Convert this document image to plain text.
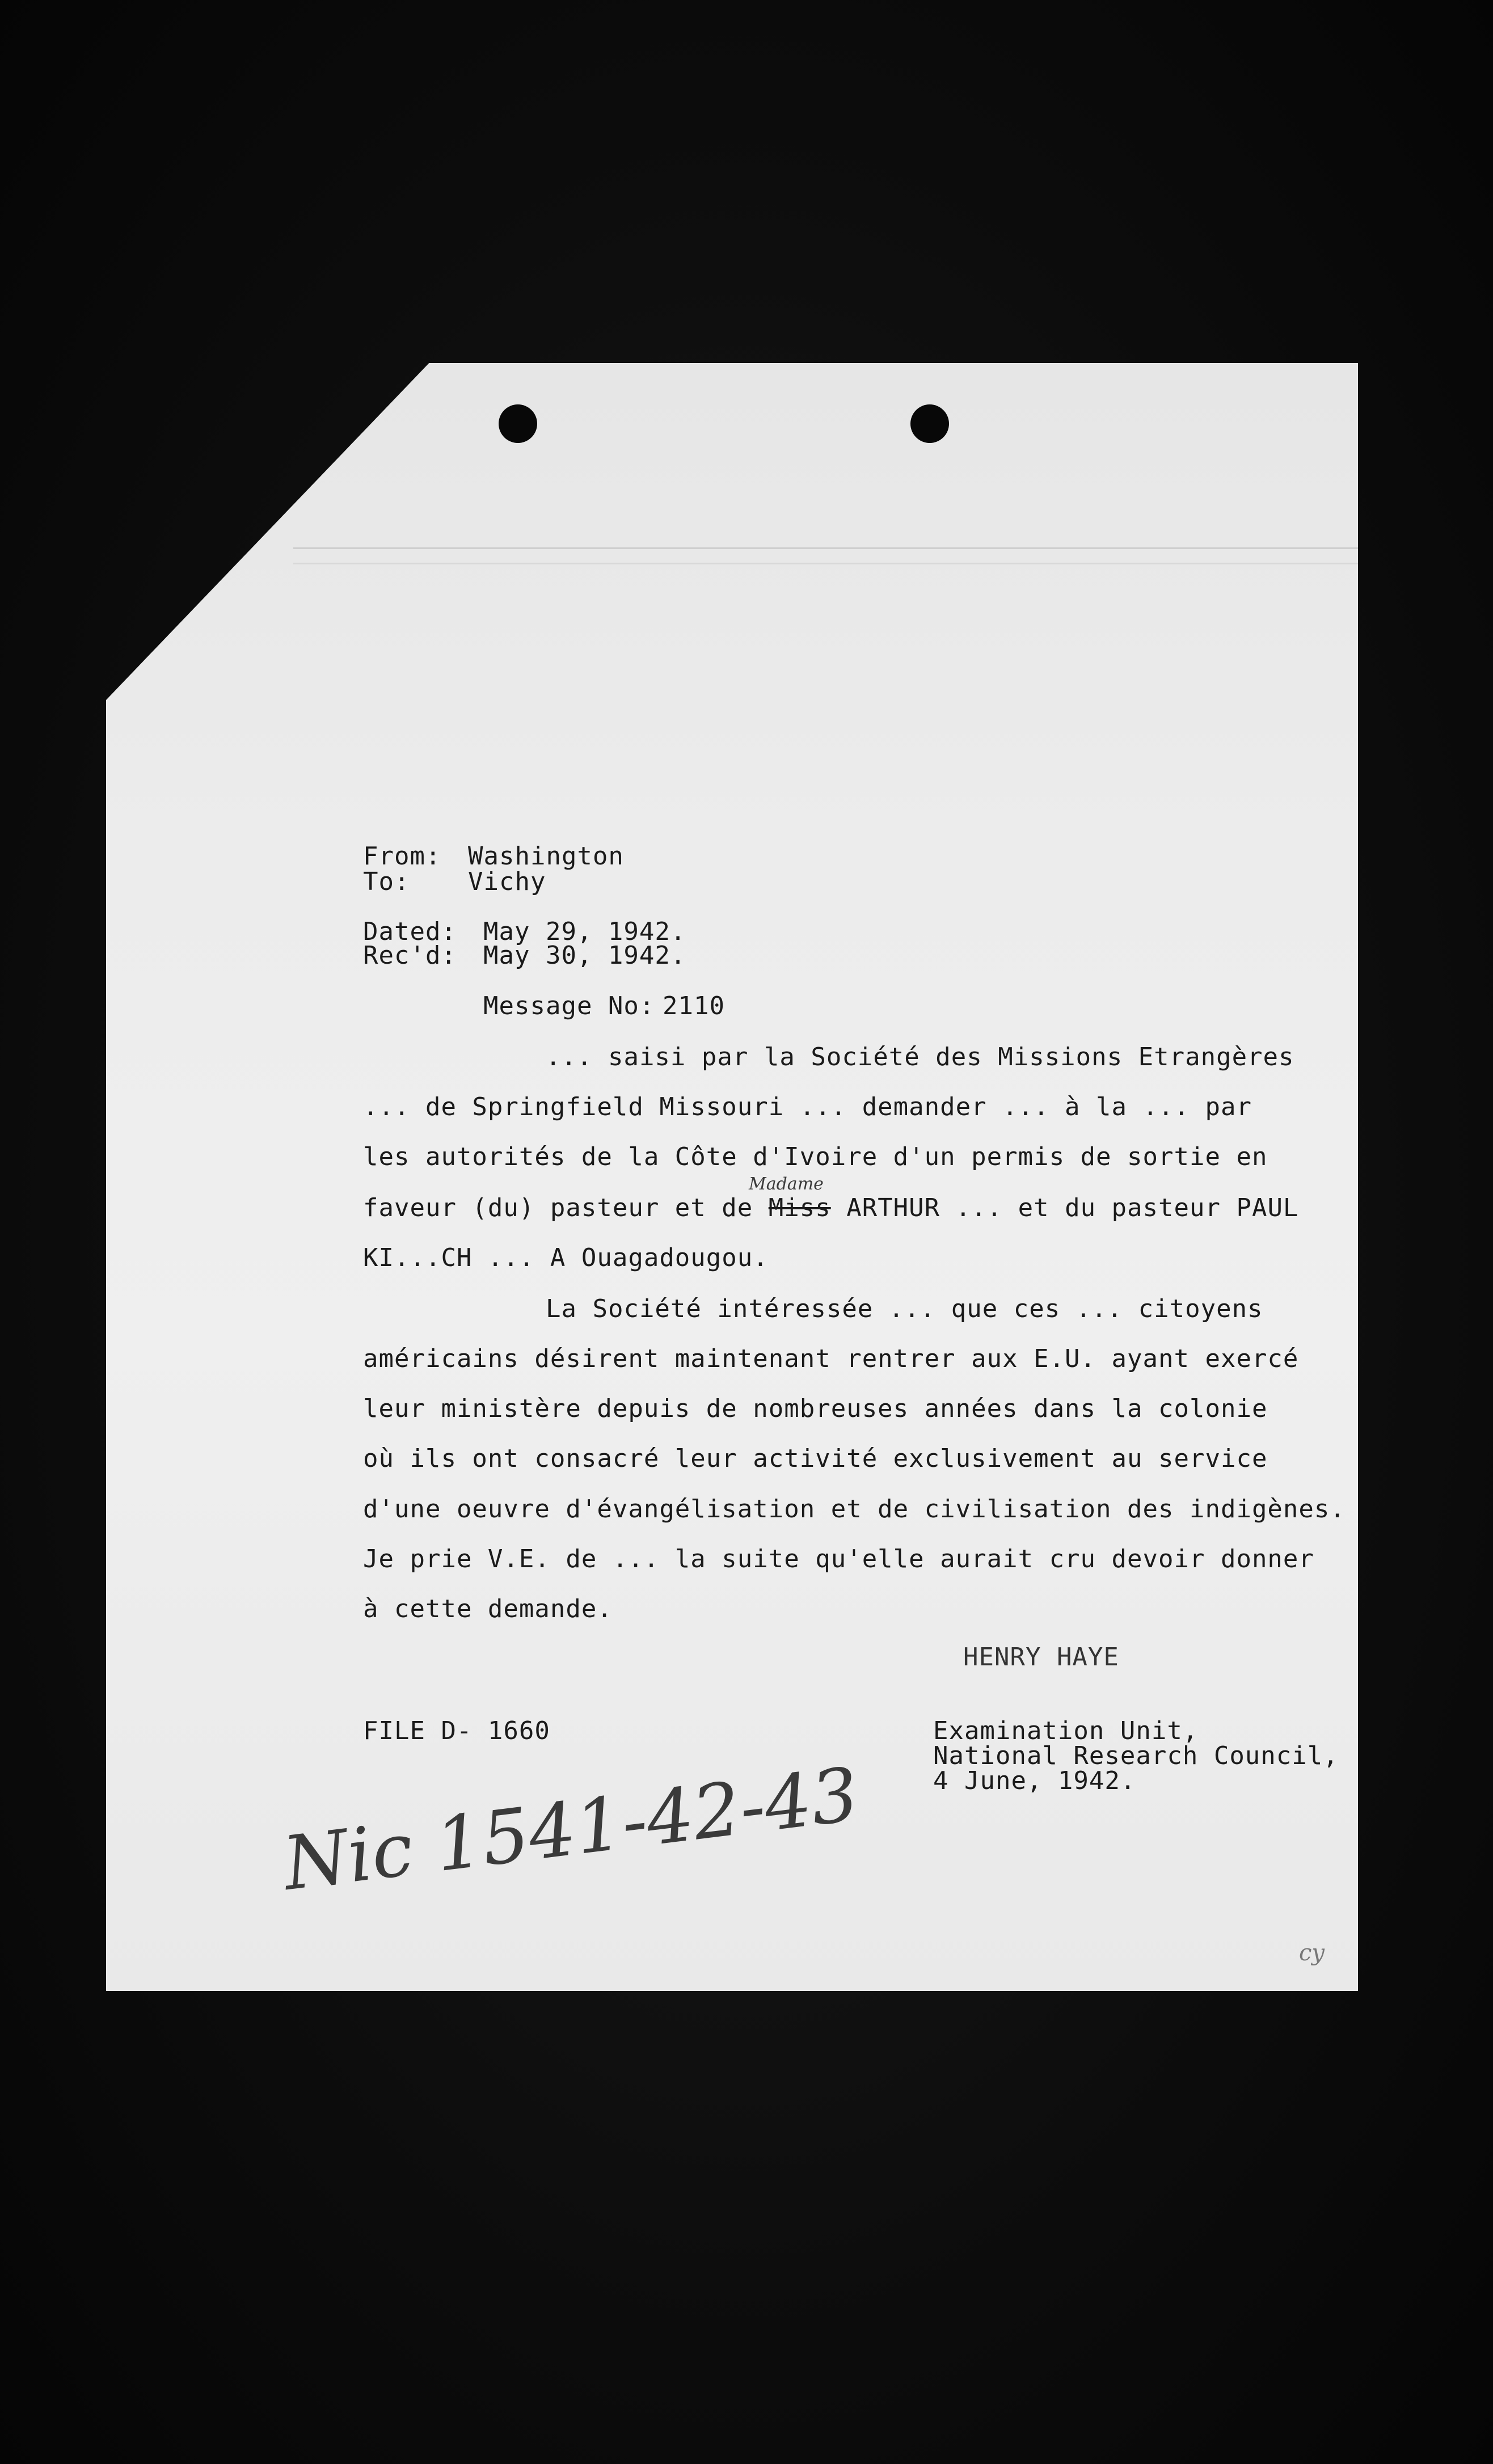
From: Washington
To: Vichy
Dated: May 29, 1942.
Rec'd: May 30, 1942.
Message No: 2110
... saisi par la Société des Missions Etrangères
... de Springfield Missouri ... demander ... à la ... par
les autorités de la Côte d'Ivoire d'un permis de sortie en
faveur (du) pasteur et de Miss ARTHUR ... et du pasteur PAUL
Madame
KI...CH ... A Ouagadougou.
La Société intéressée ... que ces ... citoyens
américains désirent maintenant rentrer aux E.U. ayant exercé
leur ministère depuis de nombreuses années dans la colonie
où ils ont consacré leur activité exclusivement au service
d'une oeuvre d'évangélisation et de civilisation des indigènes.
Je prie V.E. de ... la suite qu'elle aurait cru devoir donner
à cette demande.
HENRY HAYE
FILE D- 1660	Examination Unit,
National Research Council,
4 June, 1942.
Nic 1541-42-43
cy
